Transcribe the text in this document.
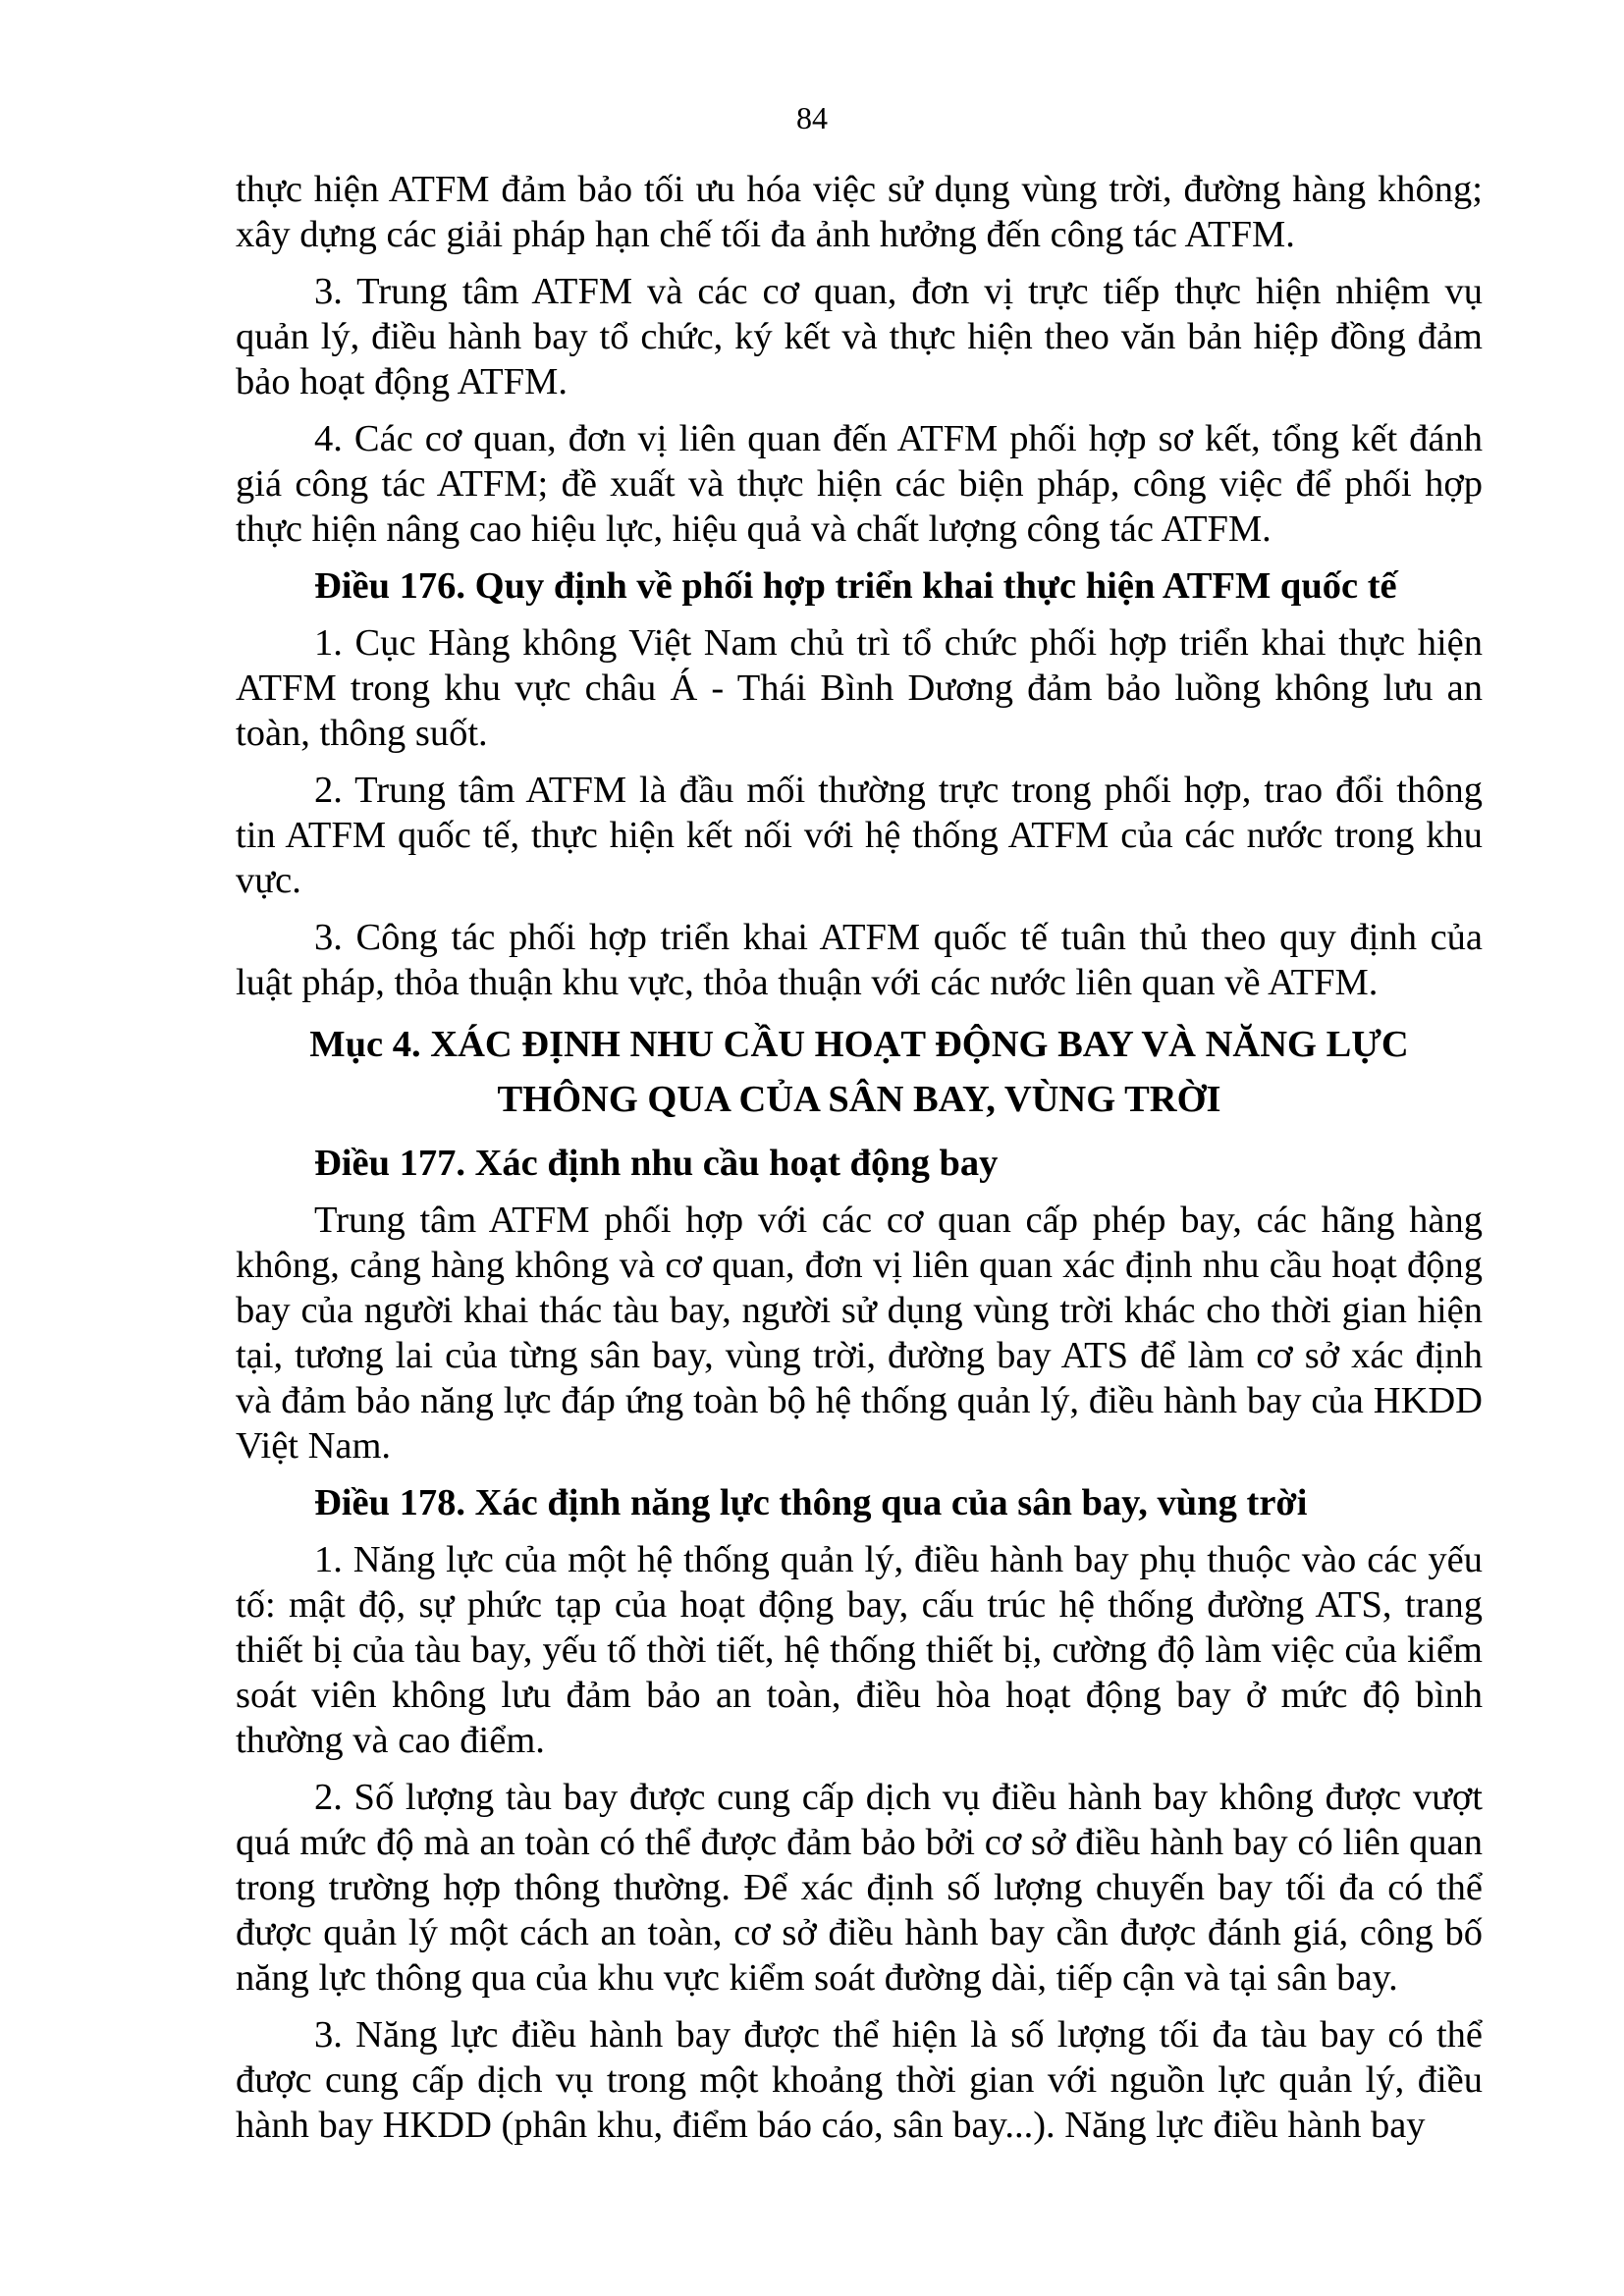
84

thực hiện ATFM đảm bảo tối ưu hóa việc sử dụng vùng trời, đường hàng không; xây dựng các giải pháp hạn chế tối đa ảnh hưởng đến công tác ATFM.

3. Trung tâm ATFM và các cơ quan, đơn vị trực tiếp thực hiện nhiệm vụ quản lý, điều hành bay tổ chức, ký kết và thực hiện theo văn bản hiệp đồng đảm bảo hoạt động ATFM.

4. Các cơ quan, đơn vị liên quan đến ATFM phối hợp sơ kết, tổng kết đánh giá công tác ATFM; đề xuất và thực hiện các biện pháp, công việc để phối hợp thực hiện nâng cao hiệu lực, hiệu quả và chất lượng công tác ATFM.

Điều 176. Quy định về phối hợp triển khai thực hiện ATFM quốc tế

1. Cục Hàng không Việt Nam chủ trì tổ chức phối hợp triển khai thực hiện ATFM trong khu vực châu Á - Thái Bình Dương đảm bảo luồng không lưu an toàn, thông suốt.

2. Trung tâm ATFM là đầu mối thường trực trong phối hợp, trao đổi thông tin ATFM quốc tế, thực hiện kết nối với hệ thống ATFM của các nước trong khu vực.

3. Công tác phối hợp triển khai ATFM quốc tế tuân thủ theo quy định của luật pháp, thỏa thuận khu vực, thỏa thuận với các nước liên quan về ATFM.

Mục 4. XÁC ĐỊNH NHU CẦU HOẠT ĐỘNG BAY VÀ NĂNG LỰC
THÔNG QUA CỦA SÂN BAY, VÙNG TRỜI

Điều 177. Xác định nhu cầu hoạt động bay

Trung tâm ATFM phối hợp với các cơ quan cấp phép bay, các hãng hàng không, cảng hàng không và cơ quan, đơn vị liên quan xác định nhu cầu hoạt động bay của người khai thác tàu bay, người sử dụng vùng trời khác cho thời gian hiện tại, tương lai của từng sân bay, vùng trời, đường bay ATS để làm cơ sở xác định và đảm bảo năng lực đáp ứng toàn bộ hệ thống quản lý, điều hành bay của HKDD Việt Nam.

Điều 178. Xác định năng lực thông qua của sân bay, vùng trời

1. Năng lực của một hệ thống quản lý, điều hành bay phụ thuộc vào các yếu tố: mật độ, sự phức tạp của hoạt động bay, cấu trúc hệ thống đường ATS, trang thiết bị của tàu bay, yếu tố thời tiết, hệ thống thiết bị, cường độ làm việc của kiểm soát viên không lưu đảm bảo an toàn, điều hòa hoạt động bay ở mức độ bình thường và cao điểm.

2. Số lượng tàu bay được cung cấp dịch vụ điều hành bay không được vượt quá mức độ mà an toàn có thể được đảm bảo bởi cơ sở điều hành bay có liên quan trong trường hợp thông thường. Để xác định số lượng chuyến bay tối đa có thể được quản lý một cách an toàn, cơ sở điều hành bay cần được đánh giá, công bố năng lực thông qua của khu vực kiểm soát đường dài, tiếp cận và tại sân bay.

3. Năng lực điều hành bay được thể hiện là số lượng tối đa tàu bay có thể được cung cấp dịch vụ trong một khoảng thời gian với nguồn lực quản lý, điều hành bay HKDD (phân khu, điểm báo cáo, sân bay...). Năng lực điều hành bay
